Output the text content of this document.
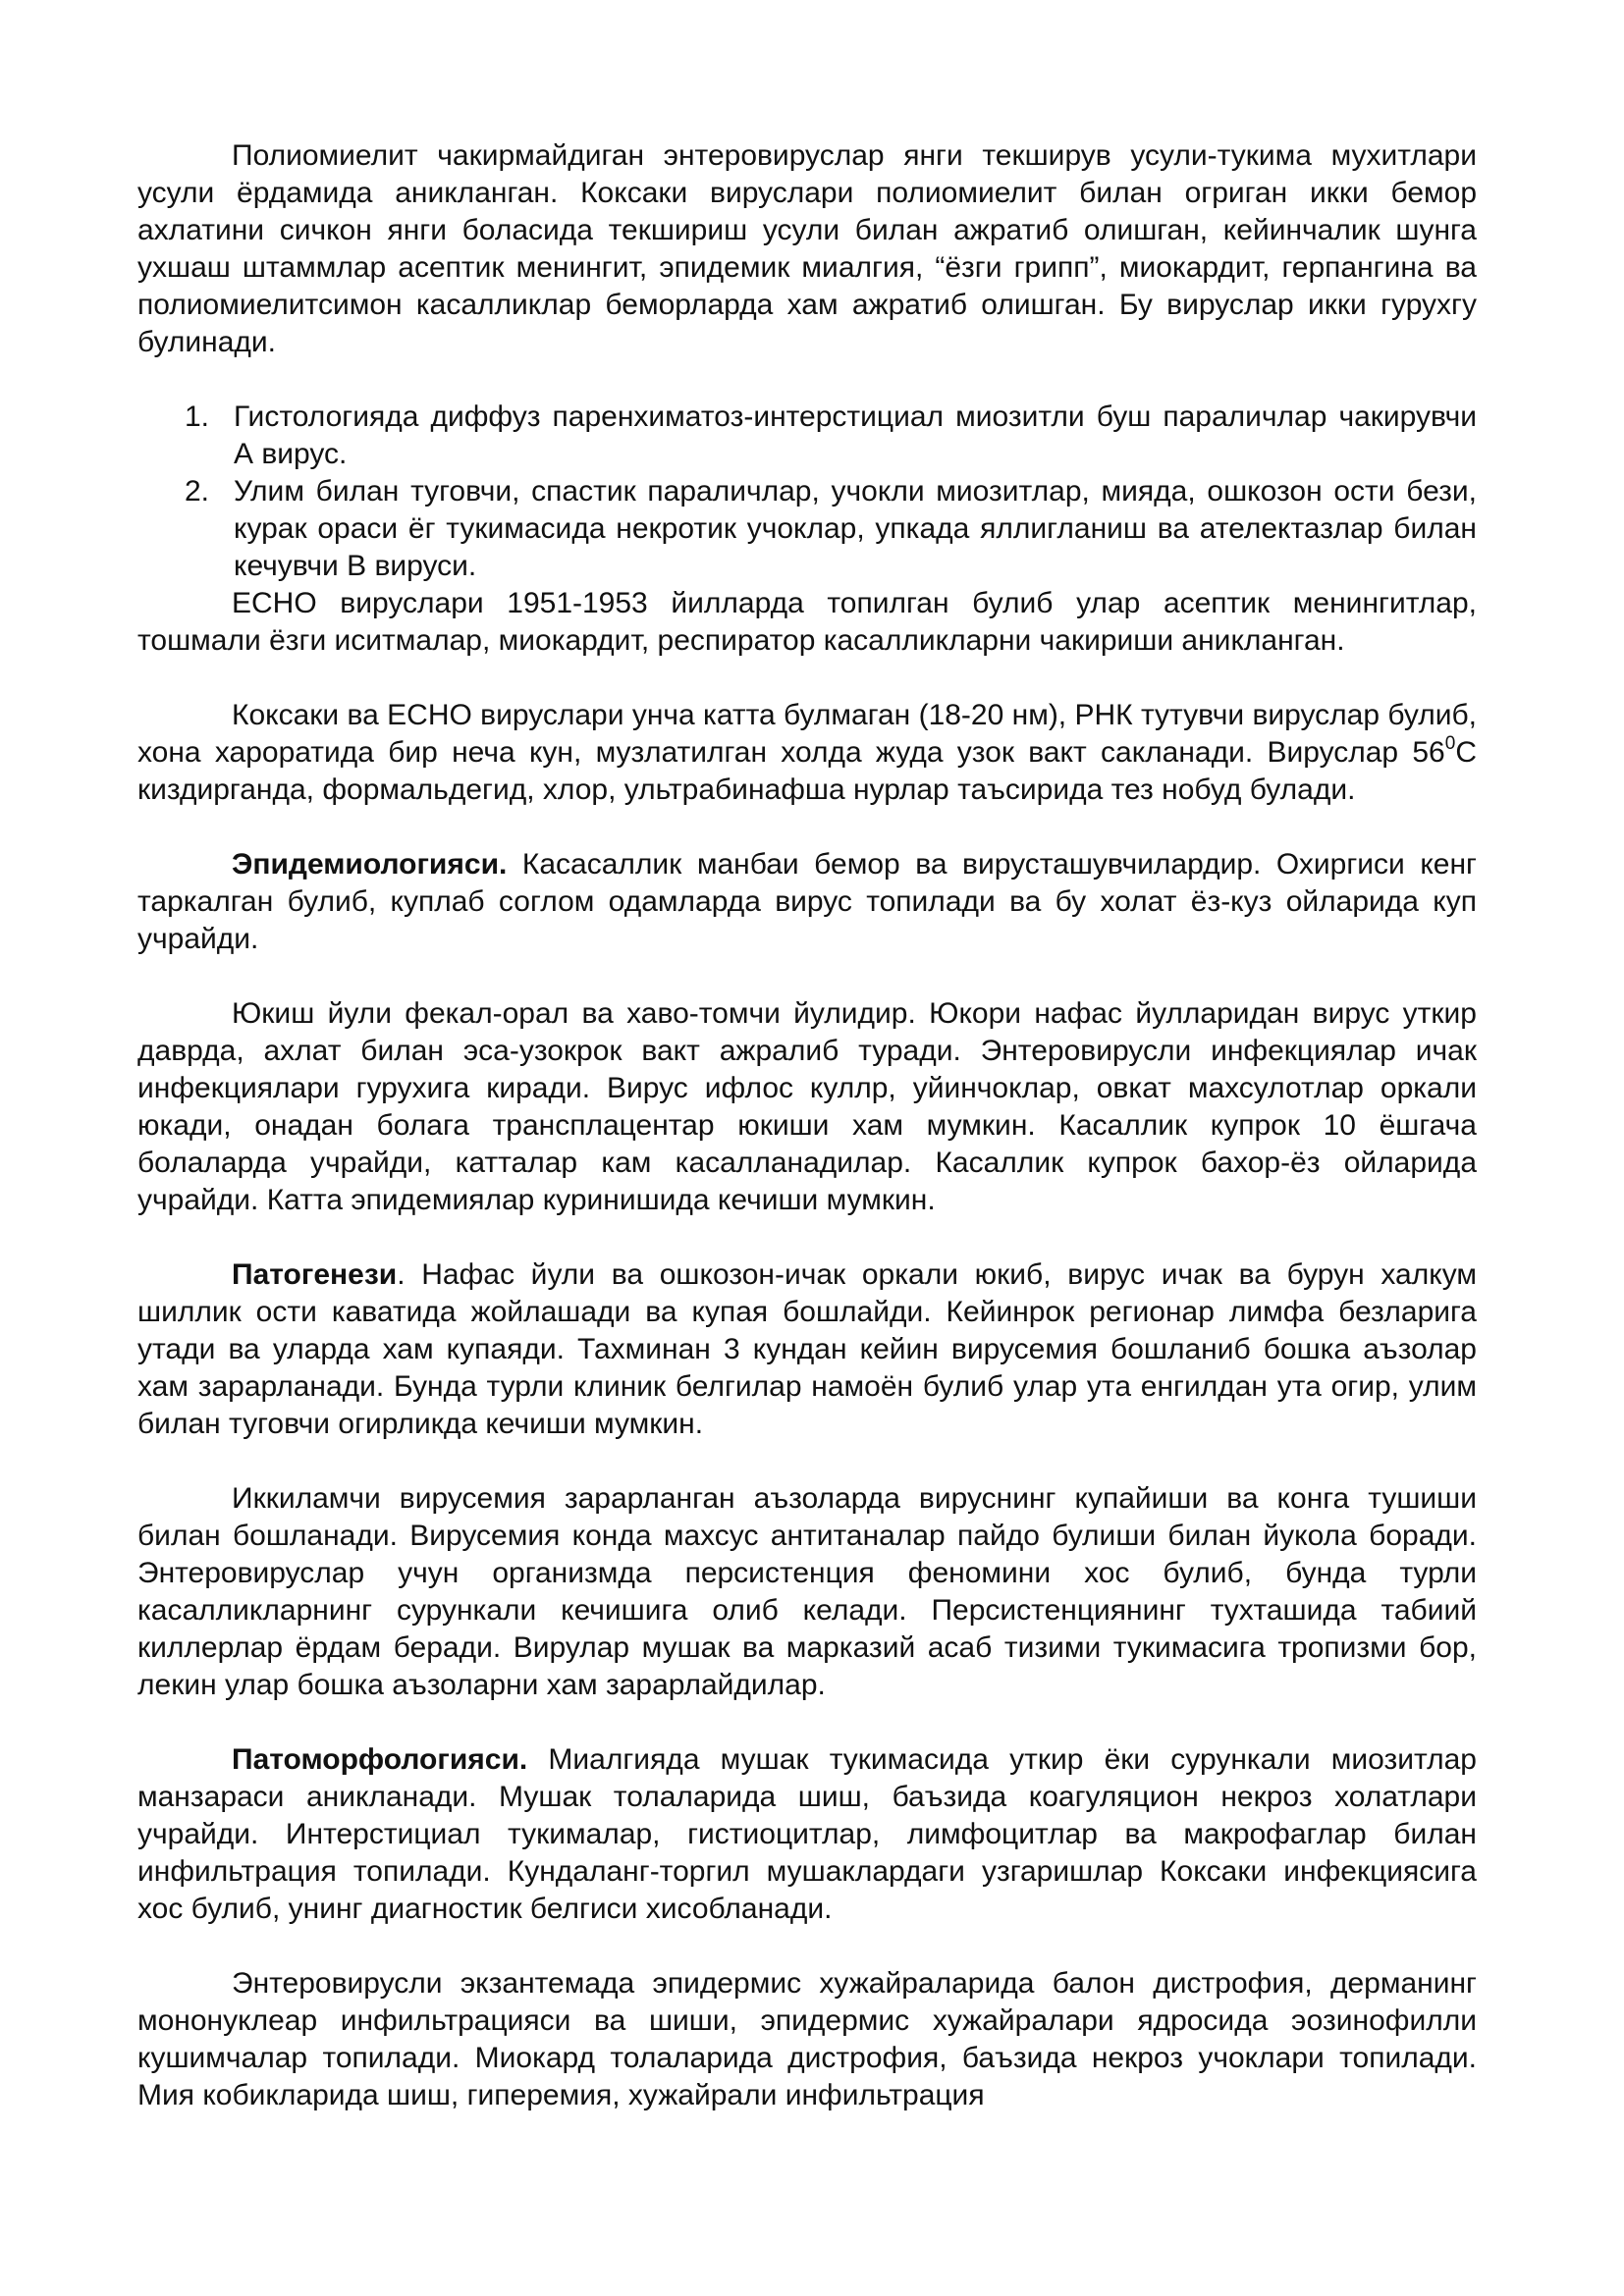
Полиомиелит чакирмайдиган энтеровируслар янги текширув усули-тукима мухитлари усули ёрдамида аникланган. Коксаки вируслари полиомиелит билан огриган икки бемор ахлатини сичкон янги боласида текшириш усули билан ажратиб олишган, кейинчалик шунга ухшаш штаммлар асептик менингит, эпидемик миалгия, “ёзги грипп”, миокардит, герпангина ва полиомиелитсимон касалликлар беморларда хам ажратиб олишган. Бу вируслар икки гурухгу булинади.

1. Гистологияда диффуз паренхиматоз-интерстициал миозитли буш параличлар чакирувчи А вирус.
2. Улим билан туговчи, спастик параличлар, учокли миозитлар, мияда, ошкозон ости бези, курак ораси ёг тукимасида некротик учоклар, упкада яллигланиш ва ателектазлар билан кечувчи В вируси.

ЕСНО вируслари 1951-1953 йилларда топилган булиб улар асептик менингитлар, тошмали ёзги иситмалар, миокардит, респиратор касалликларни чакириши аникланган.

Коксаки ва ЕСНО вируслари унча катта булмаган (18-20 нм), РНК тутувчи вируслар булиб, хона хароратида бир неча кун, музлатилган холда жуда узок вакт сакланади. Вируслар $56^0С$ киздирганда, формальдегид, хлор, ультрабинафша нурлар таъсирида тез нобуд булади.

Эпидемиологияси. Касасаллик манбаи бемор ва вирусташувчилардир. Охиргиси кенг таркалган булиб, куплаб соглом одамларда вирус топилади ва бу холат ёз-куз ойларида куп учрайди.

Юкиш йули фекал-орал ва хаво-томчи йулидир. Юкори нафас йулларидан вирус уткир даврда, ахлат билан эса-узокрок вакт ажралиб туради. Энтеровирусли инфекциялар ичак инфекциялари гурухига киради. Вирус ифлос куллр, уйинчоклар, овкат махсулотлар оркали юкади, онадан болага трансплацентар юкиши хам мумкин. Касаллик купрок 10 ёшгача болаларда учрайди, катталар кам касалланадилар. Касаллик купрок бахор-ёз ойларида учрайди. Катта эпидемиялар куринишида кечиши мумкин.

Патогенези. Нафас йули ва ошкозон-ичак оркали юкиб, вирус ичак ва бурун халкум шиллик ости каватида жойлашади ва купая бошлайди. Кейинрок регионар лимфа безларига утади ва уларда хам купаяди. Тахминан 3 кундан кейин вирусемия бошланиб бошка аъзолар хам зарарланади. Бунда турли клиник белгилар намоён булиб улар ута енгилдан ута огир, улим билан туговчи огирликда кечиши мумкин.

Иккиламчи вирусемия зарарланган аъзоларда вируснинг купайиши ва конга тушиши билан бошланади. Вирусемия конда махсус антитаналар пайдо булиши билан йукола боради. Энтеровируслар учун организмда персистенция феномини хос булиб, бунда турли касалликларнинг сурункали кечишига олиб келади. Персистенциянинг тухташида табиий киллерлар ёрдам беради. Вирулар мушак ва марказий асаб тизими тукимасига тропизми бор, лекин улар бошка аъзоларни хам зарарлайдилар.

Патоморфологияси. Миалгияда мушак тукимасида уткир ёки сурункали миозитлар манзараси аникланади. Мушак толаларида шиш, баъзида коагуляцион некроз холатлари учрайди. Интерстициал тукималар, гистиоцитлар, лимфоцитлар ва макрофаглар билан инфильтрация топилади. Кундаланг-торгил мушаклардаги узгаришлар Коксаки инфекциясига хос булиб, унинг диагностик белгиси хисобланади.

Энтеровирусли экзантемада эпидермис хужайраларида балон дистрофия, дерманинг мононуклеар инфильтрацияси ва шиши, эпидермис хужайралари ядросида эозинофилли кушимчалар топилади. Миокард толаларида дистрофия, баъзида некроз учоклари топилади. Мия кобикларида шиш, гиперемия, хужайрали инфильтрация
